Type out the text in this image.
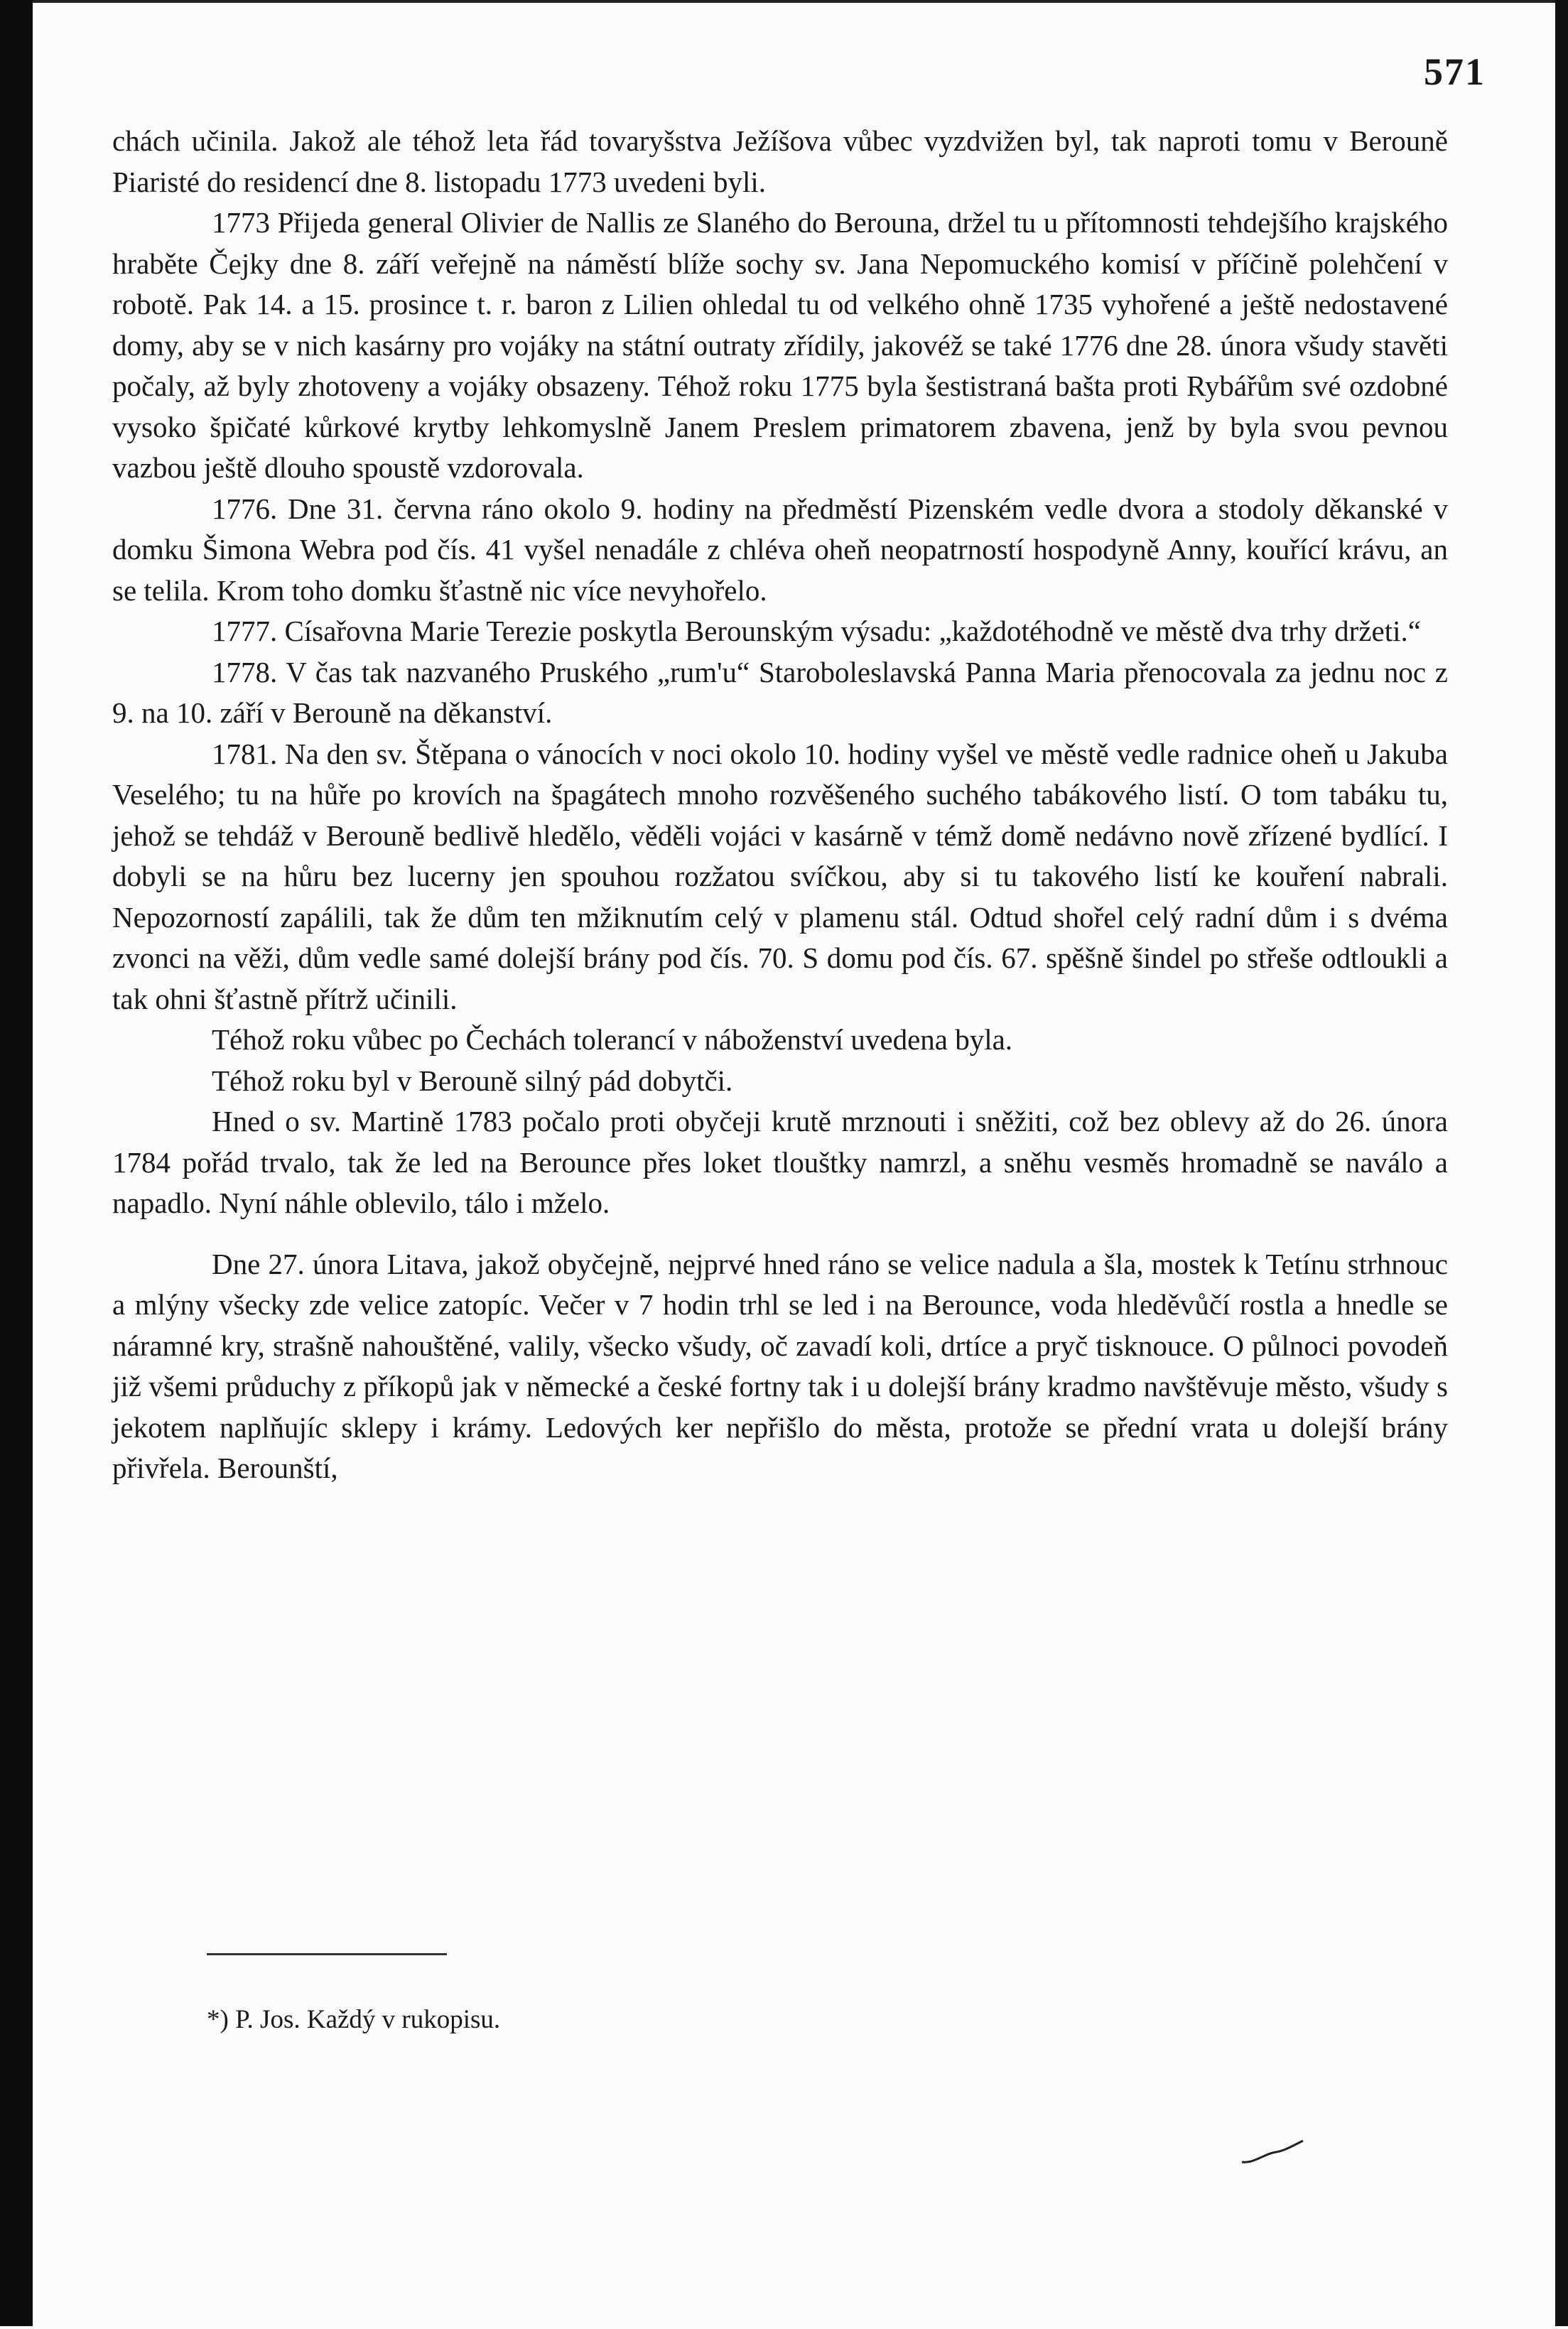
571

chách učinila. Jakož ale téhož leta řád tovaryšstva Ježíšova vůbec vyzdvižen byl, tak naproti tomu v Berouně Piaristé do residencí dne 8. listopadu 1773 uvedeni byli.

1773 Přijeda general Olivier de Nallis ze Slaného do Berouna, držel tu u přítomnosti tehdejšího krajského hraběte Čejky dne 8. září veřejně na náměstí blíže sochy sv. Jana Nepomuckého komisí v příčině polehčení v robotě. Pak 14. a 15. prosince t. r. baron z Lilien ohledal tu od velkého ohně 1735 vyhořené a ještě nedostavené domy, aby se v nich kasárny pro vojáky na státní outraty zřídily, jakovéž se také 1776 dne 28. února všudy stavěti počaly, až byly zhotoveny a vojáky obsazeny. Téhož roku 1775 byla šestistraná bašta proti Rybářům své ozdobné vysoko špičaté kůrkové krytby lehkomyslně Janem Preslem primatorem zbavena, jenž by byla svou pevnou vazbou ještě dlouho spoustě vzdorovala.

1776. Dne 31. června ráno okolo 9. hodiny na předměstí Pizenském vedle dvora a stodoly děkanské v domku Šimona Webra pod čís. 41 vyšel nenadále z chléva oheň neopatrností hospodyně Anny, kouřící krávu, an se telila. Krom toho domku šťastně nic více nevyhořelo.

1777. Císařovna Marie Terezie poskytla Berounským výsadu: „každotéhodně ve městě dva trhy držeti.“

1778. V čas tak nazvaného Pruského „rum'u“ Staroboleslavská Panna Maria přenocovala za jednu noc z 9. na 10. září v Berouně na děkanství.

1781. Na den sv. Štěpana o vánocích v noci okolo 10. hodiny vyšel ve městě vedle radnice oheň u Jakuba Veselého; tu na hůře po krovích na špagátech mnoho rozvěšeného suchého tabákového listí. O tom tabáku tu, jehož se tehdáž v Berouně bedlivě hledělo, věděli vojáci v kasárně v témž domě nedávno nově zřízené bydlící. I dobyli se na hůru bez lucerny jen spouhou rozžatou svíčkou, aby si tu takového listí ke kouření nabrali. Nepozorností zapálili, tak že dům ten mžiknutím celý v plamenu stál. Odtud shořel celý radní dům i s dvéma zvonci na věži, dům vedle samé dolejší brány pod čís. 70. S domu pod čís. 67. spěšně šindel po střeše odtloukli a tak ohni šťastně přítrž učinili.

Téhož roku vůbec po Čechách tolerancí v náboženství uvedena byla.

Téhož roku byl v Berouně silný pád dobytči.

Hned o sv. Martině 1783 počalo proti obyčeji krutě mrznouti i sněžiti, což bez oblevy až do 26. února 1784 pořád trvalo, tak že led na Berounce přes loket tlouštky namrzl, a sněhu vesměs hromadně se naválo a napadlo. Nyní náhle oblevilo, tálo i mželo.

Dne 27. února Litava, jakož obyčejně, nejprvé hned ráno se velice nadula a šla, mostek k Tetínu strhnouc a mlýny všecky zde velice zatopíc. Večer v 7 hodin trhl se led i na Berounce, voda hleděvůčí rostla a hnedle se náramné kry, strašně nahouštěné, valily, všecko všudy, oč zavadí koli, drtíce a pryč tisknouce. O půlnoci povodeň již všemi průduchy z příkopů jak v německé a české fortny tak i u dolejší brány kradmo navštěvuje město, všudy s jekotem naplňujíc sklepy i krámy. Ledových ker nepřišlo do města, protože se přední vrata u dolejší brány přivřela. Berounští,

*) P. Jos. Každý v rukopisu.
